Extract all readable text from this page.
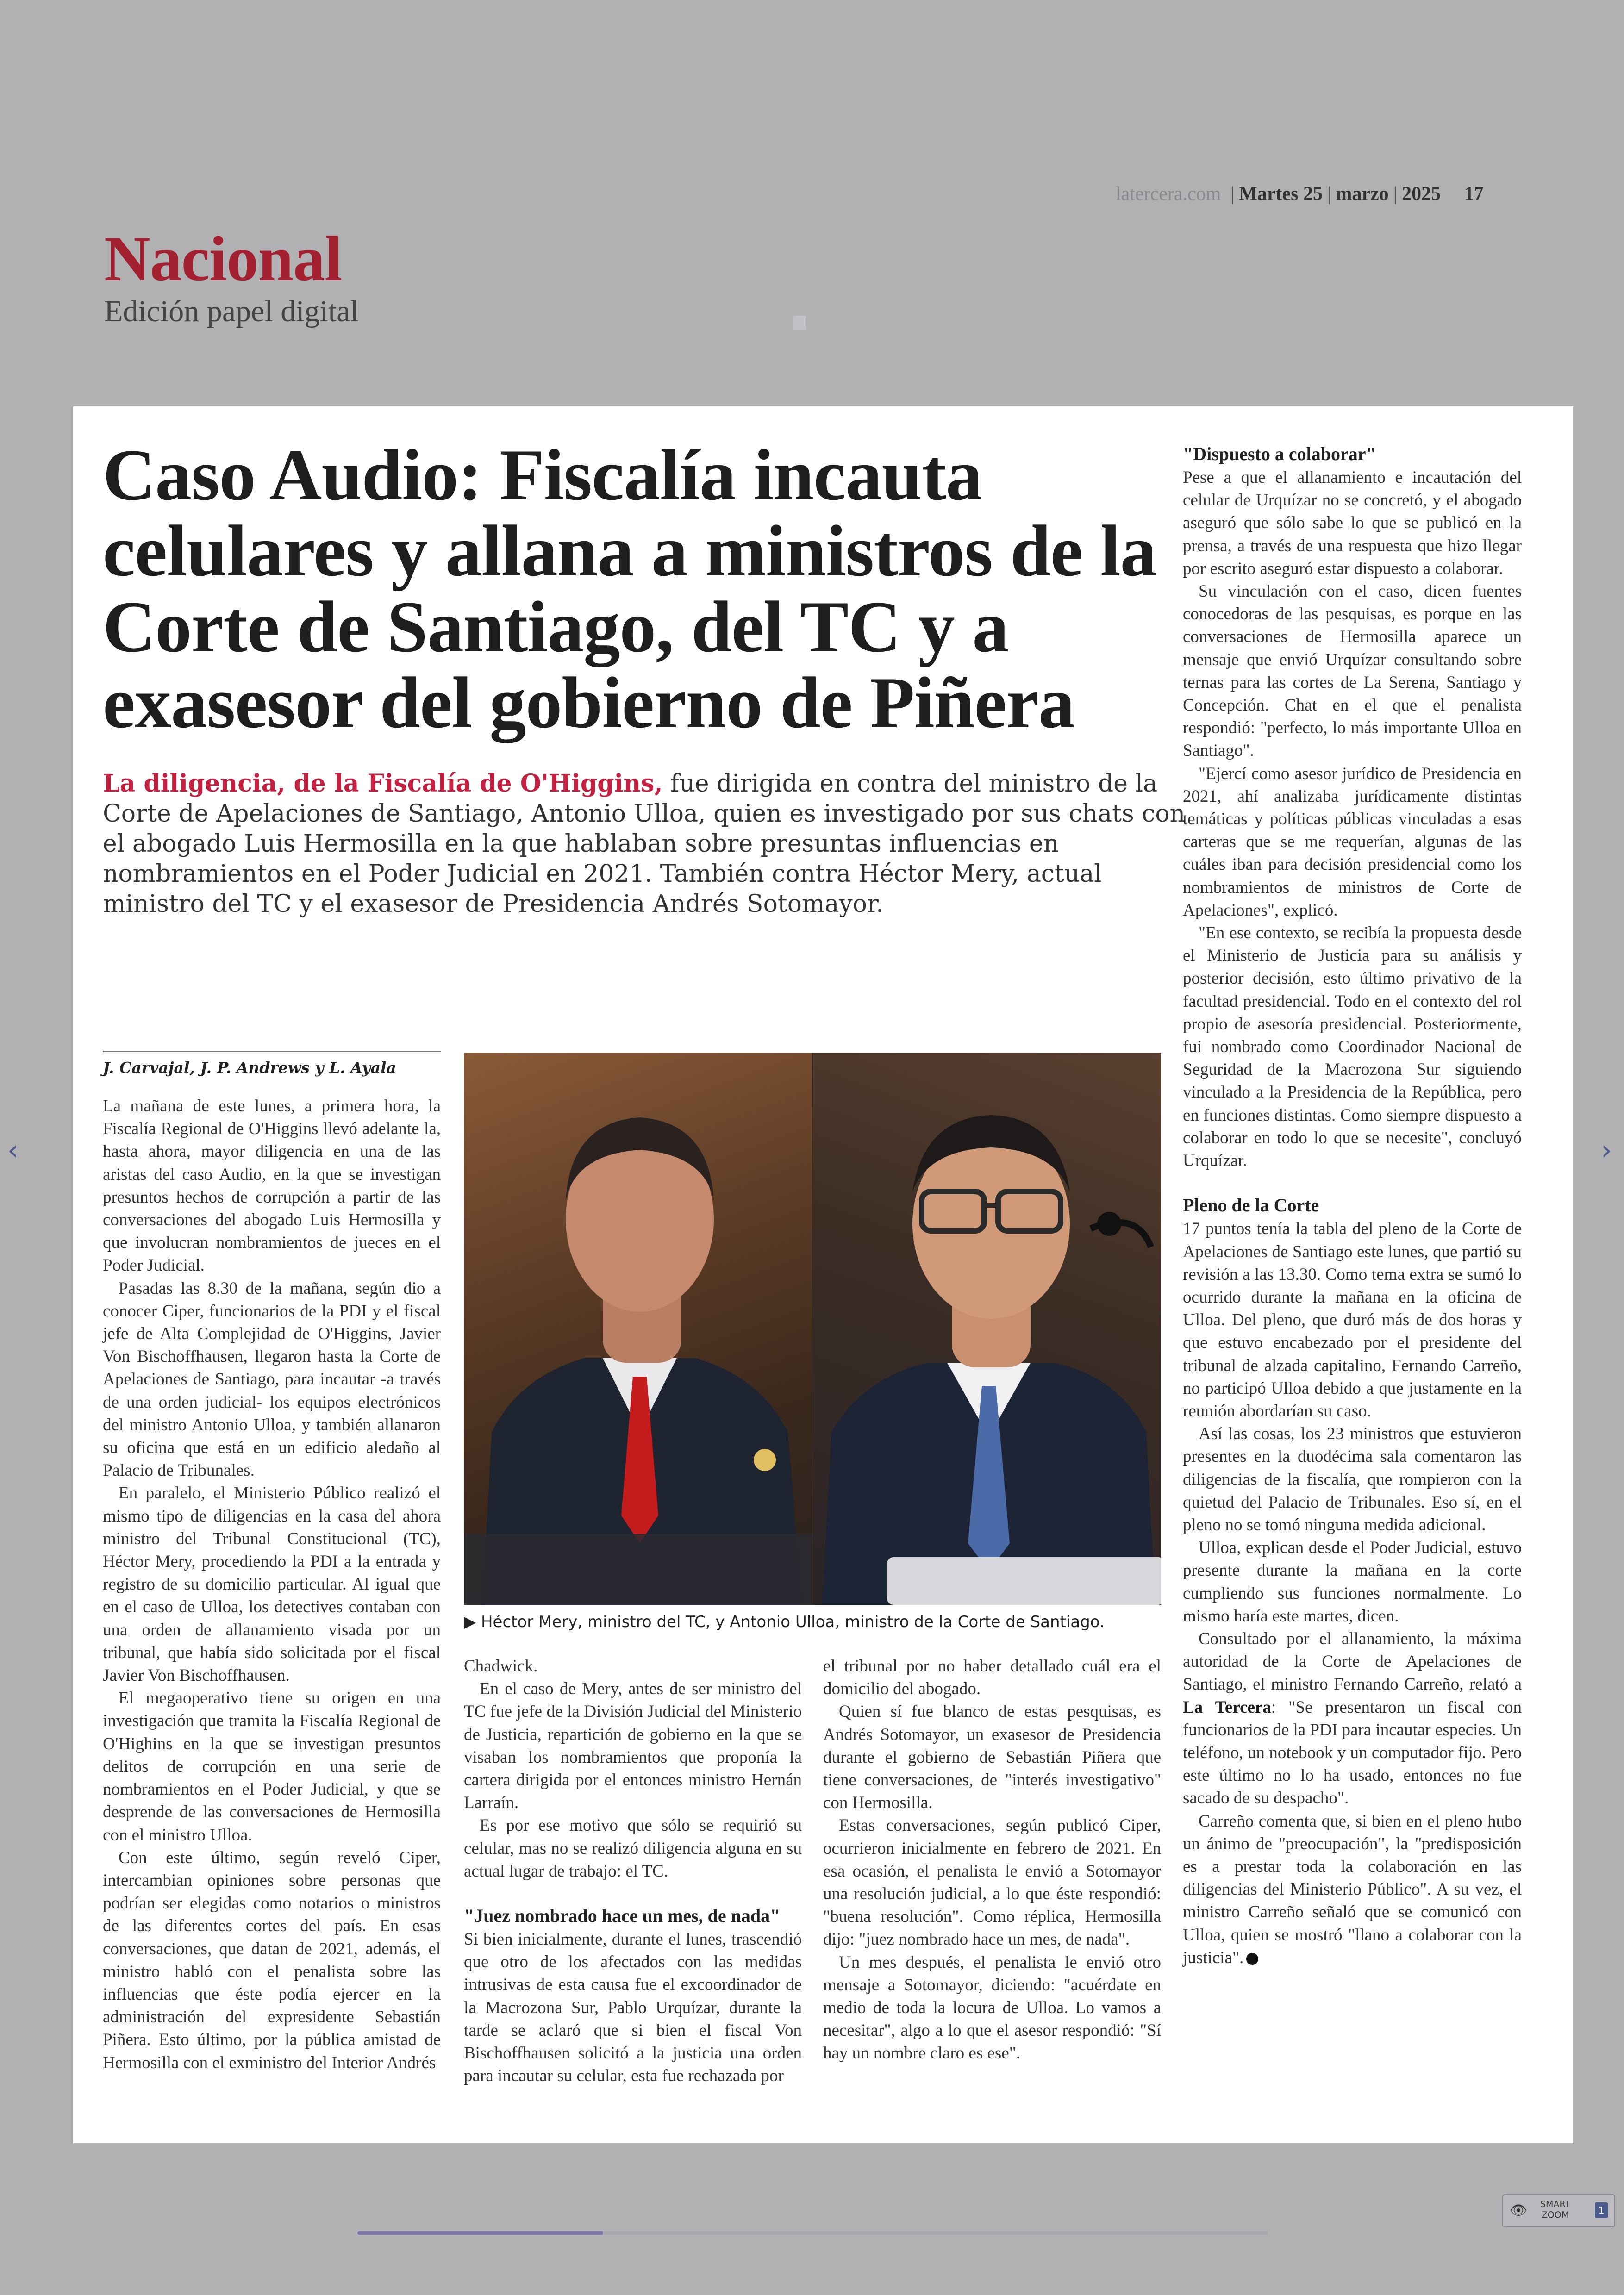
latercera.com | Martes 25 | marzo | 2025 17
Nacional
Edición papel digital
Caso Audio: Fiscalía incauta celulares y allana a ministros de la Corte de Santiago, del TC y a exasesor del gobierno de Piñera

La diligencia, de la Fiscalía de O'Higgins, fue dirigida en contra del ministro de la Corte de Apelaciones de Santiago, Antonio Ulloa, quien es investigado por sus chats con el abogado Luis Hermosilla en la que hablaban sobre presuntas influencias en nombramientos en el Poder Judicial en 2021. También contra Héctor Mery, actual ministro del TC y el exasesor de Presidencia Andrés Sotomayor.

J. Carvajal, J. P. Andrews y L. Ayala

La mañana de este lunes, a primera hora, la Fiscalía Regional de O'Higgins llevó adelante la, hasta ahora, mayor diligencia en una de las aristas del caso Audio, en la que se investigan presuntos hechos de corrupción a partir de las conversaciones del abogado Luis Hermosilla y que involucran nombramientos de jueces en el Poder Judicial.

Pasadas las 8.30 de la mañana, según dio a conocer Ciper, funcionarios de la PDI y el fiscal jefe de Alta Complejidad de O'Higgins, Javier Von Bischoffhausen, llegaron hasta la Corte de Apelaciones de Santiago, para incautar -a través de una orden judicial- los equipos electrónicos del ministro Antonio Ulloa, y también allanaron su oficina que está en un edificio aledaño al Palacio de Tribunales.

En paralelo, el Ministerio Público realizó el mismo tipo de diligencias en la casa del ahora ministro del Tribunal Constitucional (TC), Héctor Mery, procediendo la PDI a la entrada y registro de su domicilio particular. Al igual que en el caso de Ulloa, los detectives contaban con una orden de allanamiento visada por un tribunal, que había sido solicitada por el fiscal Javier Von Bischoffhausen.

El megaoperativo tiene su origen en una investigación que tramita la Fiscalía Regional de O'Highins en la que se investigan presuntos delitos de corrupción en una serie de nombramientos en el Poder Judicial, y que se desprende de las conversaciones de Hermosilla con el ministro Ulloa.

Con este último, según reveló Ciper, intercambian opiniones sobre personas que podrían ser elegidas como notarios o ministros de las diferentes cortes del país. En esas conversaciones, que datan de 2021, además, el ministro habló con el penalista sobre las influencias que éste podía ejercer en la administración del expresidente Sebastián Piñera. Esto último, por la pública amistad de Hermosilla con el exministro del Interior Andrés

▶ Héctor Mery, ministro del TC, y Antonio Ulloa, ministro de la Corte de Santiago.

Chadwick.

En el caso de Mery, antes de ser ministro del TC fue jefe de la División Judicial del Ministerio de Justicia, repartición de gobierno en la que se visaban los nombramientos que proponía la cartera dirigida por el entonces ministro Hernán Larraín.

Es por ese motivo que sólo se requirió su celular, mas no se realizó diligencia alguna en su actual lugar de trabajo: el TC.

"Juez nombrado hace un mes, de nada"

Si bien inicialmente, durante el lunes, trascendió que otro de los afectados con las medidas intrusivas de esta causa fue el excoordinador de la Macrozona Sur, Pablo Urquízar, durante la tarde se aclaró que si bien el fiscal Von Bischoffhausen solicitó a la justicia una orden para incautar su celular, esta fue rechazada por

el tribunal por no haber detallado cuál era el domicilio del abogado.

Quien sí fue blanco de estas pesquisas, es Andrés Sotomayor, un exasesor de Presidencia durante el gobierno de Sebastián Piñera que tiene conversaciones, de "interés investigativo" con Hermosilla.

Estas conversaciones, según publicó Ciper, ocurrieron inicialmente en febrero de 2021. En esa ocasión, el penalista le envió a Sotomayor una resolución judicial, a lo que éste respondió: "buena resolución". Como réplica, Hermosilla dijo: "juez nombrado hace un mes, de nada".

Un mes después, el penalista le envió otro mensaje a Sotomayor, diciendo: "acuérdate en medio de toda la locura de Ulloa. Lo vamos a necesitar", algo a lo que el asesor respondió: "Sí hay un nombre claro es ese".

"Dispuesto a colaborar"

Pese a que el allanamiento e incautación del celular de Urquízar no se concretó, y el abogado aseguró que sólo sabe lo que se publicó en la prensa, a través de una respuesta que hizo llegar por escrito aseguró estar dispuesto a colaborar.

Su vinculación con el caso, dicen fuentes conocedoras de las pesquisas, es porque en las conversaciones de Hermosilla aparece un mensaje que envió Urquízar consultando sobre ternas para las cortes de La Serena, Santiago y Concepción. Chat en el que el penalista respondió: "perfecto, lo más importante Ulloa en Santiago".

"Ejercí como asesor jurídico de Presidencia en 2021, ahí analizaba jurídicamente distintas temáticas y políticas públicas vinculadas a esas carteras que se me requerían, algunas de las cuáles iban para decisión presidencial como los nombramientos de ministros de Corte de Apelaciones", explicó.

"En ese contexto, se recibía la propuesta desde el Ministerio de Justicia para su análisis y posterior decisión, esto último privativo de la facultad presidencial. Todo en el contexto del rol propio de asesoría presidencial. Posteriormente, fui nombrado como Coordinador Nacional de Seguridad de la Macrozona Sur siguiendo vinculado a la Presidencia de la República, pero en funciones distintas. Como siempre dispuesto a colaborar en todo lo que se necesite", concluyó Urquízar.

Pleno de la Corte

17 puntos tenía la tabla del pleno de la Corte de Apelaciones de Santiago este lunes, que partió su revisión a las 13.30. Como tema extra se sumó lo ocurrido durante la mañana en la oficina de Ulloa. Del pleno, que duró más de dos horas y que estuvo encabezado por el presidente del tribunal de alzada capitalino, Fernando Carreño, no participó Ulloa debido a que justamente en la reunión abordarían su caso.

Así las cosas, los 23 ministros que estuvieron presentes en la duodécima sala comentaron las diligencias de la fiscalía, que rompieron con la quietud del Palacio de Tribunales. Eso sí, en el pleno no se tomó ninguna medida adicional.

Ulloa, explican desde el Poder Judicial, estuvo presente durante la mañana en la corte cumpliendo sus funciones normalmente. Lo mismo haría este martes, dicen.

Consultado por el allanamiento, la máxima autoridad de la Corte de Apelaciones de Santiago, el ministro Fernando Carreño, relató a La Tercera: "Se presentaron un fiscal con funcionarios de la PDI para incautar especies. Un teléfono, un notebook y un computador fijo. Pero este último no lo ha usado, entonces no fue sacado de su despacho".

Carreño comenta que, si bien en el pleno hubo un ánimo de "preocupación", la "predisposición es a prestar toda la colaboración en las diligencias del Ministerio Público". A su vez, el ministro Carreño señaló que se comunicó con Ulloa, quien se mostró "llano a colaborar con la justicia".

‹	›
👁 SMART
ZOOM	1
